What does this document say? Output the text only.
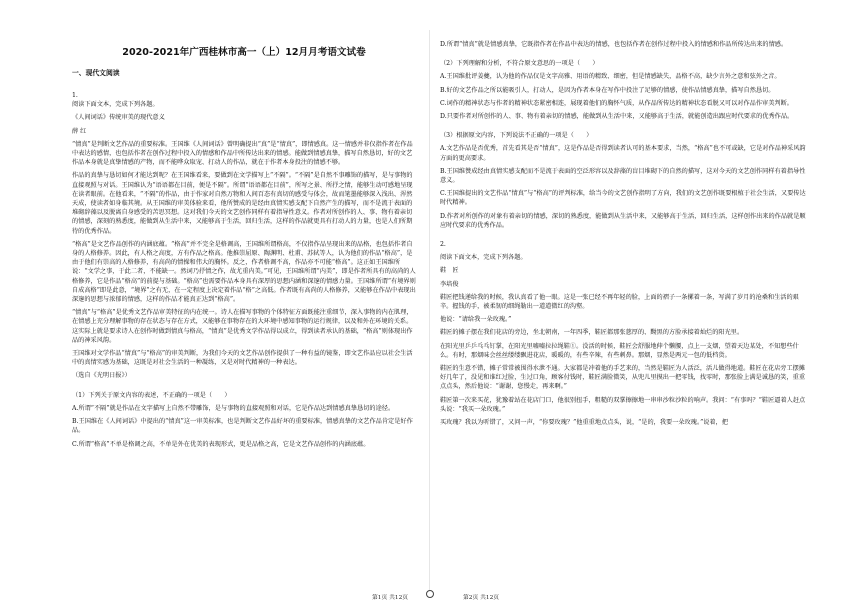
2020-2021年广西桂林市高一（上）12月月考语文试卷
一、现代文阅读

1.

阅读下面文本，完成下列各题。

《人间词话》传统审美的现代意义

薛 红

“情真”是判断文艺作品的重要标准。王国维《人间词话》曾明确提出“真”是“情真”，即情感真。这一情感并非仅指作者在作品中表达的感情，也包括作者在创作过程中投入的情感和作品中所传达出来的情感。能做到情感真挚，描写自然恳切，好的文艺作品本身就是真挚情感的产物，而不能哗众取宠、打动人的作品，就在于作者本身投注的情感不够。

作品的真挚与恳切如何才能达到呢？在王国维看来，要做到在文学描写上“不隔”。“不隔”是自然不事雕饰的描写，是与事物的直接观照与对话。王国维认为“语语都在目前，便是不隔”。所谓“语语都在目前”，所写之景、所抒之情，能够生动可感地呈现在读者眼前。在他看来，“不隔”的作品，由于作家对自然万物和人间百态有真切的感受与体会，故而笔墨能够深入浅出、浑然天成，使读者如身临其境。从王国维的审美体验来看，他所赞成的是经由真情实感支配下自然产生的描写，而不是流于表面的堆砌辞藻以及脱离自身感受的苦思冥想。这对我们今天的文艺创作同样有着指导性意义。作者对所创作的人、事、物有着亲切的情感，深刻的熟悉度，能做到从生活中来，又能够高于生活，回归生活，这样的作品就更具有打动人的力量，也是人们所期待的优秀作品。

“格高”是文艺作品创作的内涵底蕴。“格高”并不完全是格调高，王国维所谓格高，不仅指作品呈现出来的品格，也包括作者自身的人格修养。因此，有人格之高度，方有作品之格高。他推崇屈原、陶渊明、杜甫、苏轼等人，认为他们的作品“格高”，是由于他们有崇高的人格修养，有高尚的情操和伟大的胸怀。反之，作者格调不高，作品亦不可能“格高”。这正如王国维所说：“文学之事，于此二者，不能缺一。然词乃抒情之作，故尤重内美。”可见，王国维所谓“内美”，即是作者所具有的高尚的人格修养，它是作品“格高”的前提与基础。“格高”也需要作品本身具有深厚的思想内涵和深邃的情感力量。王国维所谓“有境界则自成高格”即是此意，“境界”之有无，在一定程度上决定着作品“格”之高低。作者既有高尚的人格修养，又能够在作品中表现出深邃的思想与浓郁的情感，这样的作品才能真正达到“格高”。

“情真”与“格高”是优秀文艺作品审美特征的内在统一。诗人在描写事物的个体特征方面既能注重细节，深入事物的内在肌理，在情感上充分理解事物的存在状态与存在方式，又能够在事物存在的大环境中感知事物的运行规律，以及和外在环境的关系。这实际上就是要求诗人在创作时做到情真与格高，“情真”是优秀文学作品得以成立，得到读者承认的基础，“格高”则体现出作品的神采风韵。

王国维对文学作品“情真”与“格高”的审美判断，为我们今天的文艺作品创作提供了一种有益的镜鉴，即文艺作品应以社会生活中的真情实感为基础，这既是对社会生活的一种凝练，又是对时代精神的一种表达。

（选自《光明日报》）

（1）下列关于原文内容的表述，不正确的一项是（　　）

A.所谓“不隔”就是作品在文字描写上自然不带雕饰，是与事物的直接观照和对话，它是作品达到情感真挚恳切的途径。

B.王国维在《人间词话》中提出的“情真”这一审美标准，也是判断文艺作品好坏的重要标准，情感真挚的文艺作品肯定是好作品。

C.所谓“格高”不单是格调之高，不单是外在优美的表现形式，更是品格之高，它是文艺作品创作的内涵底蕴。

D.所谓“情真”就是情感真挚，它既指作者在作品中表达的情感，也包括作者在创作过程中投入的情感和作品所传达出来的情感。

（2）下列理解和分析，不符合原文意思的一项是（　　）

A.王国维批评姜夔，认为他的作品仅是文字高雅、用语的精致、细密，但是情感缺失，品格不高，缺少言外之意和弦外之音。

B.好的文艺作品之所以能吸引人，打动人，是因为作者本身在写作中投注了足够的情感，使作品情感真挚，描写自然恳切。

C.词作的精神状态与作者的精神状态紧密相连，展现着他们的胸怀气质，从作品所传达的精神状态看脱又可以对作品作审美判断。

D.只要作者对所创作的人、事、物有着亲切的情感，能做到从生活中来，又能够高于生活，就能创造出跟应时代要求的优秀作品。

（3）根据原文内容，下列说法不正确的一项是（　　）

A.文艺作品是否优秀，首先看其是否“情真”，这是作品是否得到读者认可的基本要求，当然，“格高”也不可或缺，它是对作品神采风韵方面的更高要求。

B.王国维赞成经由真情实感支配而不是流于表面的空泛形容以及辞藻的盲目堆砌下的自然的描写，这对今天的文艺创作同样有着指导性意义。

C.王国维提出的文艺作品“情真”与“格高”的评判标准，给当今的文艺创作指明了方向，我们的文艺创作既要根植于社会生活，又要传达时代精神。

D.作者对所创作的对象有着亲切的情感，深切的熟悉度，能做到从生活中来，又能够高于生活，回归生活，这样创作出来的作品就是顺应时代要求的优秀作品。

2.

阅读下面文本，完成下列各题。

鞋　匠

李培俊

鞋匠把钱递给我的时候，我认真看了他一眼。这是一张已经不再年轻的脸，上面的褶子一条摞着一条，写满了岁月的沧桑和生活的艰辛。握钱的手，被柔韧的细绳勒出一道道微红的沟壑。

他说：“请给我一朵玫瑰。”

鞋匠的摊子摆在我们花店的旁边，坐北朝南，一年四季，鞋匠都那张慈厚的、黝黑的方脸承接着灿烂的阳光里。

在阳光里乒乒乓乓钉掌，在阳光里嘘嘘拉拉绳鞋①。没活的时候，鞋匠会舒服地伸个懒腰，点上一支烟，望着天边某处，不知想些什么。有时，那烟味会丝丝缕缕飘进花店，暖暖的，有些辛辣，有些刺鼻。那烟，显然是两元一包的低档货。

鞋匠的生意不错，摊子常常被围得水泄不通。大家都是冲着他的手艺来的，当然是鞋匠为人活泛，活儿做得地道。鞋匠在花店旁工摆摊好几年了，没见和谁红过脸，生过口角，顾客付钱时，鞋匠满脸微笑，从兜儿里摸出一把零钱，找零时，那张脸上满是诚恳的笑，重重点点头，然后他说：“谢谢，您慢走，再来啊。”

鞋匠第一次来买花，犹豫着站在花店门口，他很别扭手，粗糙的双掌擦擦地一串串沙粒沙粒的响声。我问：“有事吗？”鞋匠逼着人赶点头说：“我买一朵玫瑰。”

买玫瑰？我以为听错了，又问一声，“你要玫瑰？”他重重地点点头，说，“是的，我要一朵玫瑰。”说着，把

第1页 共12页	第2页 共12页
